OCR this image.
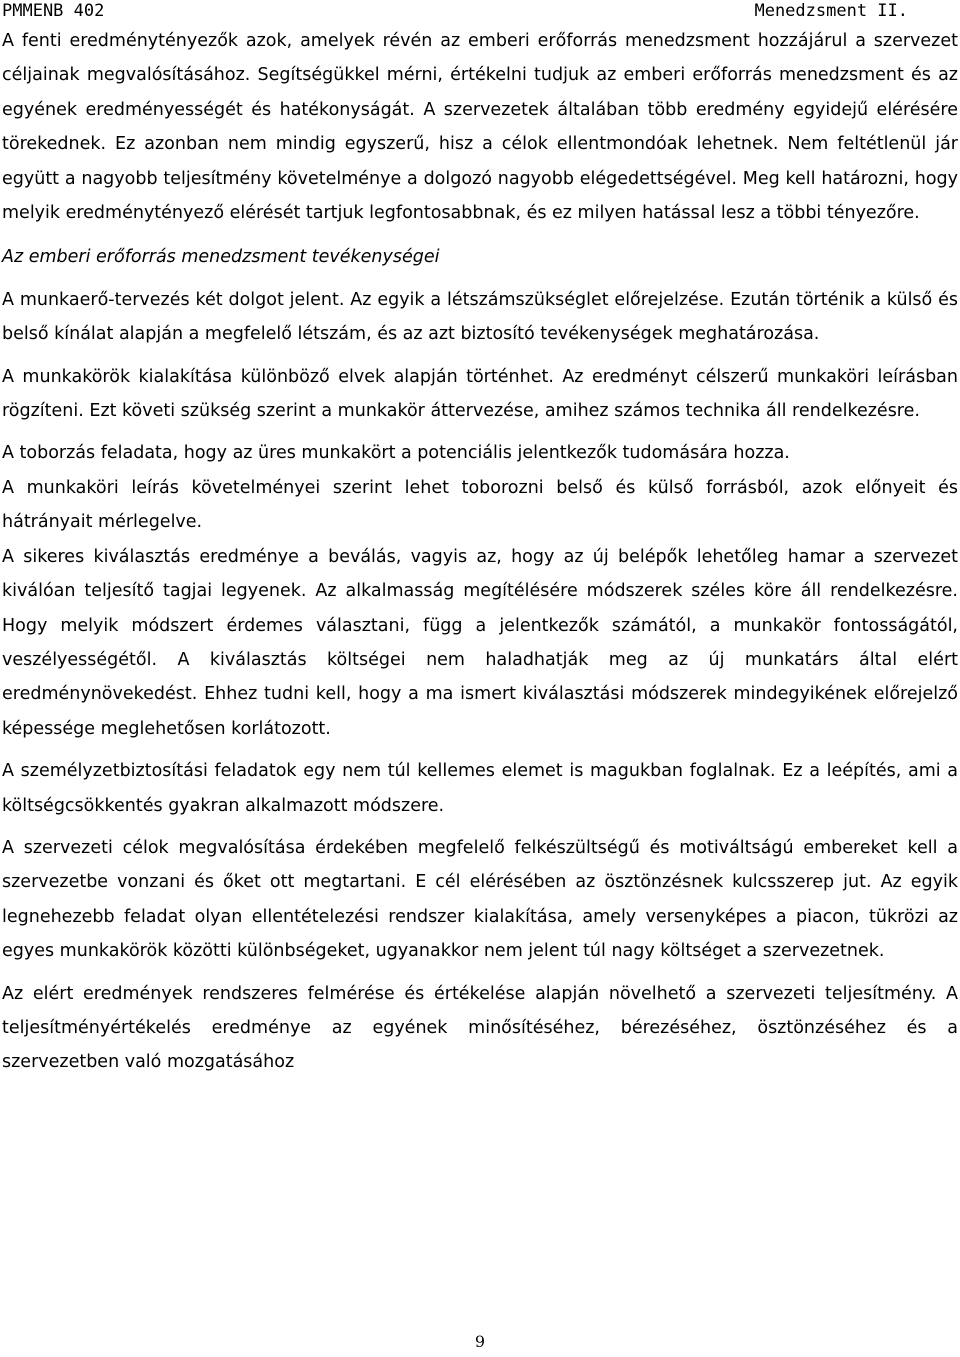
PMMENB 402	Menedzsment II.

A fenti eredménytényezők azok, amelyek révén az emberi erőforrás menedzsment hozzájárul a szervezet céljainak megvalósításához. Segítségükkel mérni, értékelni tudjuk az emberi erőforrás menedzsment és az egyének eredményességét és hatékonyságát. A szervezetek általában több eredmény egyidejű elérésére törekednek. Ez azonban nem mindig egyszerű, hisz a célok ellentmondóak lehetnek. Nem feltétlenül jár együtt a nagyobb teljesítmény követelménye a dolgozó nagyobb elégedettségével. Meg kell határozni, hogy melyik eredménytényező elérését tartjuk legfontosabbnak, és ez milyen hatással lesz a többi tényezőre.

Az emberi erőforrás menedzsment tevékenységei

A munkaerő-tervezés két dolgot jelent. Az egyik a létszámszükséglet előrejelzése. Ezután történik a külső és belső kínálat alapján a megfelelő létszám, és az azt biztosító tevékenységek meghatározása.

A munkakörök kialakítása különböző elvek alapján történhet. Az eredményt célszerű munkaköri leírásban rögzíteni. Ezt követi szükség szerint a munkakör áttervezése, amihez számos technika áll rendelkezésre.

A toborzás feladata, hogy az üres munkakört a potenciális jelentkezők tudomására hozza.

A munkaköri leírás követelményei szerint lehet toborozni belső és külső forrásból, azok előnyeit és hátrányait mérlegelve.

A sikeres kiválasztás eredménye a beválás, vagyis az, hogy az új belépők lehetőleg hamar a szervezet kiválóan teljesítő tagjai legyenek. Az alkalmasság megítélésére módszerek széles köre áll rendelkezésre. Hogy melyik módszert érdemes választani, függ a jelentkezők számától, a munkakör fontosságától, veszélyességétől. A kiválasztás költségei nem haladhatják meg az új munkatárs által elért eredménynövekedést. Ehhez tudni kell, hogy a ma ismert kiválasztási módszerek mindegyikének előrejelző képessége meglehetősen korlátozott.

A személyzetbiztosítási feladatok egy nem túl kellemes elemet is magukban foglalnak. Ez a leépítés, ami a költségcsökkentés gyakran alkalmazott módszere.

A szervezeti célok megvalósítása érdekében megfelelő felkészültségű és motiváltságú embereket kell a szervezetbe vonzani és őket ott megtartani. E cél elérésében az ösztönzésnek kulcsszerep jut. Az egyik legnehezebb feladat olyan ellentételezési rendszer kialakítása, amely versenyképes a piacon, tükrözi az egyes munkakörök közötti különbségeket, ugyanakkor nem jelent túl nagy költséget a szervezetnek.

Az elért eredmények rendszeres felmérése és értékelése alapján növelhető a szervezeti teljesítmény. A teljesítményértékelés eredménye az egyének minősítéséhez, bérezéséhez, ösztönzéséhez és a szervezetben való mozgatásához

9
